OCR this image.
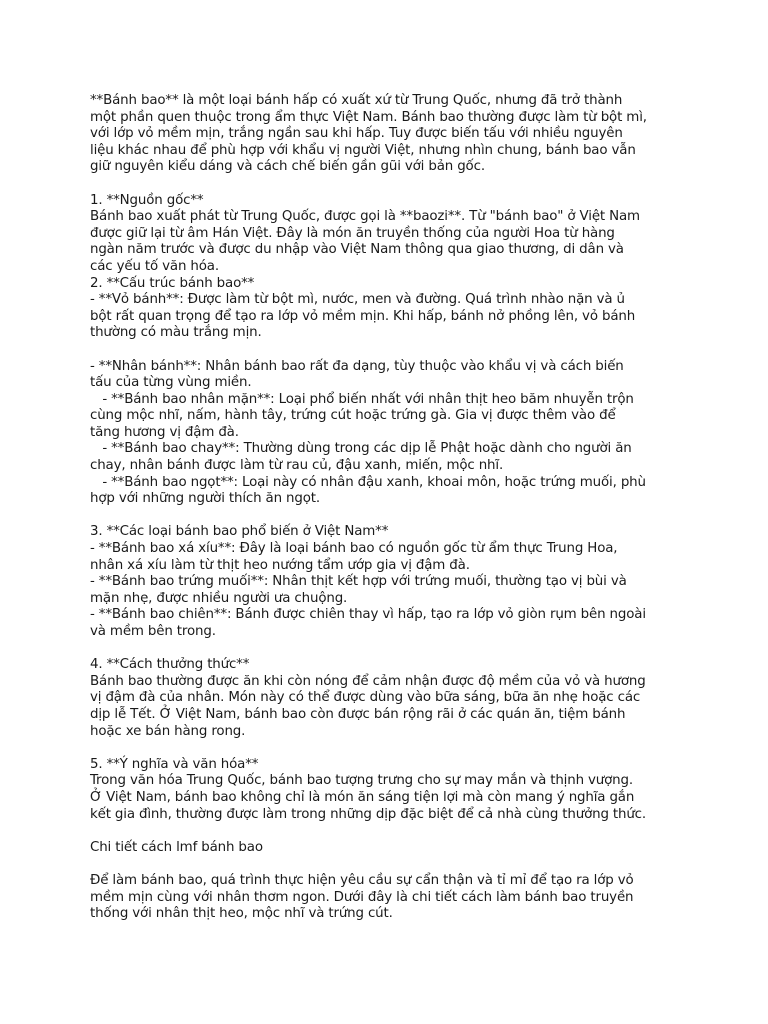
**Bánh bao** là một loại bánh hấp có xuất xứ từ Trung Quốc, nhưng đã trở thành
một phần quen thuộc trong ẩm thực Việt Nam. Bánh bao thường được làm từ bột mì,
với lớp vỏ mềm mịn, trắng ngần sau khi hấp. Tuy được biến tấu với nhiều nguyên
liệu khác nhau để phù hợp với khẩu vị người Việt, nhưng nhìn chung, bánh bao vẫn
giữ nguyên kiểu dáng và cách chế biến gần gũi với bản gốc.
1. **Nguồn gốc**
Bánh bao xuất phát từ Trung Quốc, được gọi là **baozi**. Từ "bánh bao" ở Việt Nam
được giữ lại từ âm Hán Việt. Đây là món ăn truyền thống của người Hoa từ hàng
ngàn năm trước và được du nhập vào Việt Nam thông qua giao thương, di dân và
các yếu tố văn hóa.
2. **Cấu trúc bánh bao**
- **Vỏ bánh**: Được làm từ bột mì, nước, men và đường. Quá trình nhào nặn và ủ
bột rất quan trọng để tạo ra lớp vỏ mềm mịn. Khi hấp, bánh nở phồng lên, vỏ bánh
thường có màu trắng mịn.
- **Nhân bánh**: Nhân bánh bao rất đa dạng, tùy thuộc vào khẩu vị và cách biến
tấu của từng vùng miền.
- **Bánh bao nhân mặn**: Loại phổ biến nhất với nhân thịt heo băm nhuyễn trộn
cùng mộc nhĩ, nấm, hành tây, trứng cút hoặc trứng gà. Gia vị được thêm vào để
tăng hương vị đậm đà.
- **Bánh bao chay**: Thường dùng trong các dịp lễ Phật hoặc dành cho người ăn
chay, nhân bánh được làm từ rau củ, đậu xanh, miến, mộc nhĩ.
- **Bánh bao ngọt**: Loại này có nhân đậu xanh, khoai môn, hoặc trứng muối, phù
hợp với những người thích ăn ngọt.
3. **Các loại bánh bao phổ biến ở Việt Nam**
- **Bánh bao xá xíu**: Đây là loại bánh bao có nguồn gốc từ ẩm thực Trung Hoa,
nhân xá xíu làm từ thịt heo nướng tẩm ướp gia vị đậm đà.
- **Bánh bao trứng muối**: Nhân thịt kết hợp với trứng muối, thường tạo vị bùi và
mặn nhẹ, được nhiều người ưa chuộng.
- **Bánh bao chiên**: Bánh được chiên thay vì hấp, tạo ra lớp vỏ giòn rụm bên ngoài
và mềm bên trong.
4. **Cách thưởng thức**
Bánh bao thường được ăn khi còn nóng để cảm nhận được độ mềm của vỏ và hương
vị đậm đà của nhân. Món này có thể được dùng vào bữa sáng, bữa ăn nhẹ hoặc các
dịp lễ Tết. Ở Việt Nam, bánh bao còn được bán rộng rãi ở các quán ăn, tiệm bánh
hoặc xe bán hàng rong.
5. **Ý nghĩa và văn hóa**
Trong văn hóa Trung Quốc, bánh bao tượng trưng cho sự may mắn và thịnh vượng.
Ở Việt Nam, bánh bao không chỉ là món ăn sáng tiện lợi mà còn mang ý nghĩa gắn
kết gia đình, thường được làm trong những dịp đặc biệt để cả nhà cùng thưởng thức.
Chi tiết cách lmf bánh bao
Để làm bánh bao, quá trình thực hiện yêu cầu sự cẩn thận và tỉ mỉ để tạo ra lớp vỏ
mềm mịn cùng với nhân thơm ngon. Dưới đây là chi tiết cách làm bánh bao truyền
thống với nhân thịt heo, mộc nhĩ và trứng cút.
